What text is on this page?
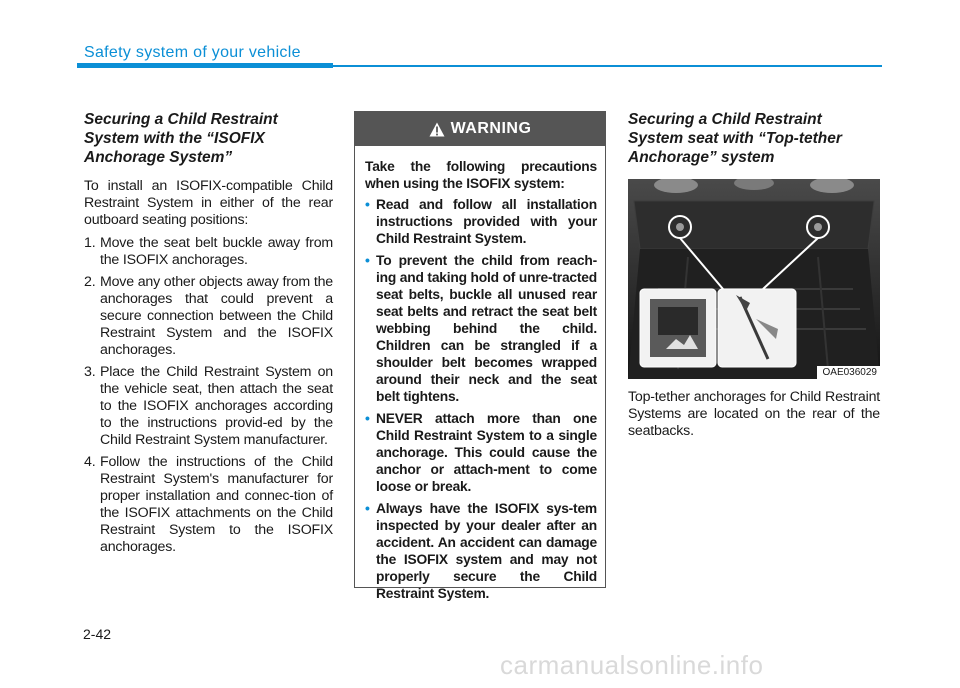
Safety system of your vehicle
Securing a Child Restraint System with the “ISOFIX Anchorage System”

To install an ISOFIX-compatible Child Restraint System in either of the rear outboard seating positions:

1. Move the seat belt buckle away from the ISOFIX anchorages.
2. Move any other objects away from the anchorages that could prevent a secure connection between the Child Restraint System and the ISOFIX anchorages.
3. Place the Child Restraint System on the vehicle seat, then attach the seat to the ISOFIX anchorages according to the instructions provid-ed by the Child Restraint System manufacturer.
4. Follow the instructions of the Child Restraint System's manufacturer for proper installation and connec-tion of the ISOFIX attachments on the Child Restraint System to the ISOFIX anchorages.
WARNING

Take the following precautions when using the ISOFIX system:

• Read and follow all installation instructions provided with your Child Restraint System.
• To prevent the child from reach-ing and taking hold of unre-tracted seat belts, buckle all unused rear seat belts and retract the seat belt webbing behind the child. Children can be strangled if a shoulder belt becomes wrapped around their neck and the seat belt tightens.
• NEVER attach more than one Child Restraint System to a single anchorage. This could cause the anchor or attach-ment to come loose or break.
• Always have the ISOFIX sys-tem inspected by your dealer after an accident. An accident can damage the ISOFIX system and may not properly secure the Child Restraint System.
Securing a Child Restraint System seat with “Top-tether Anchorage” system
OAE036029

Top-tether anchorages for Child Restraint Systems are located on the rear of the seatbacks.

2-42
carmanualsonline.info
